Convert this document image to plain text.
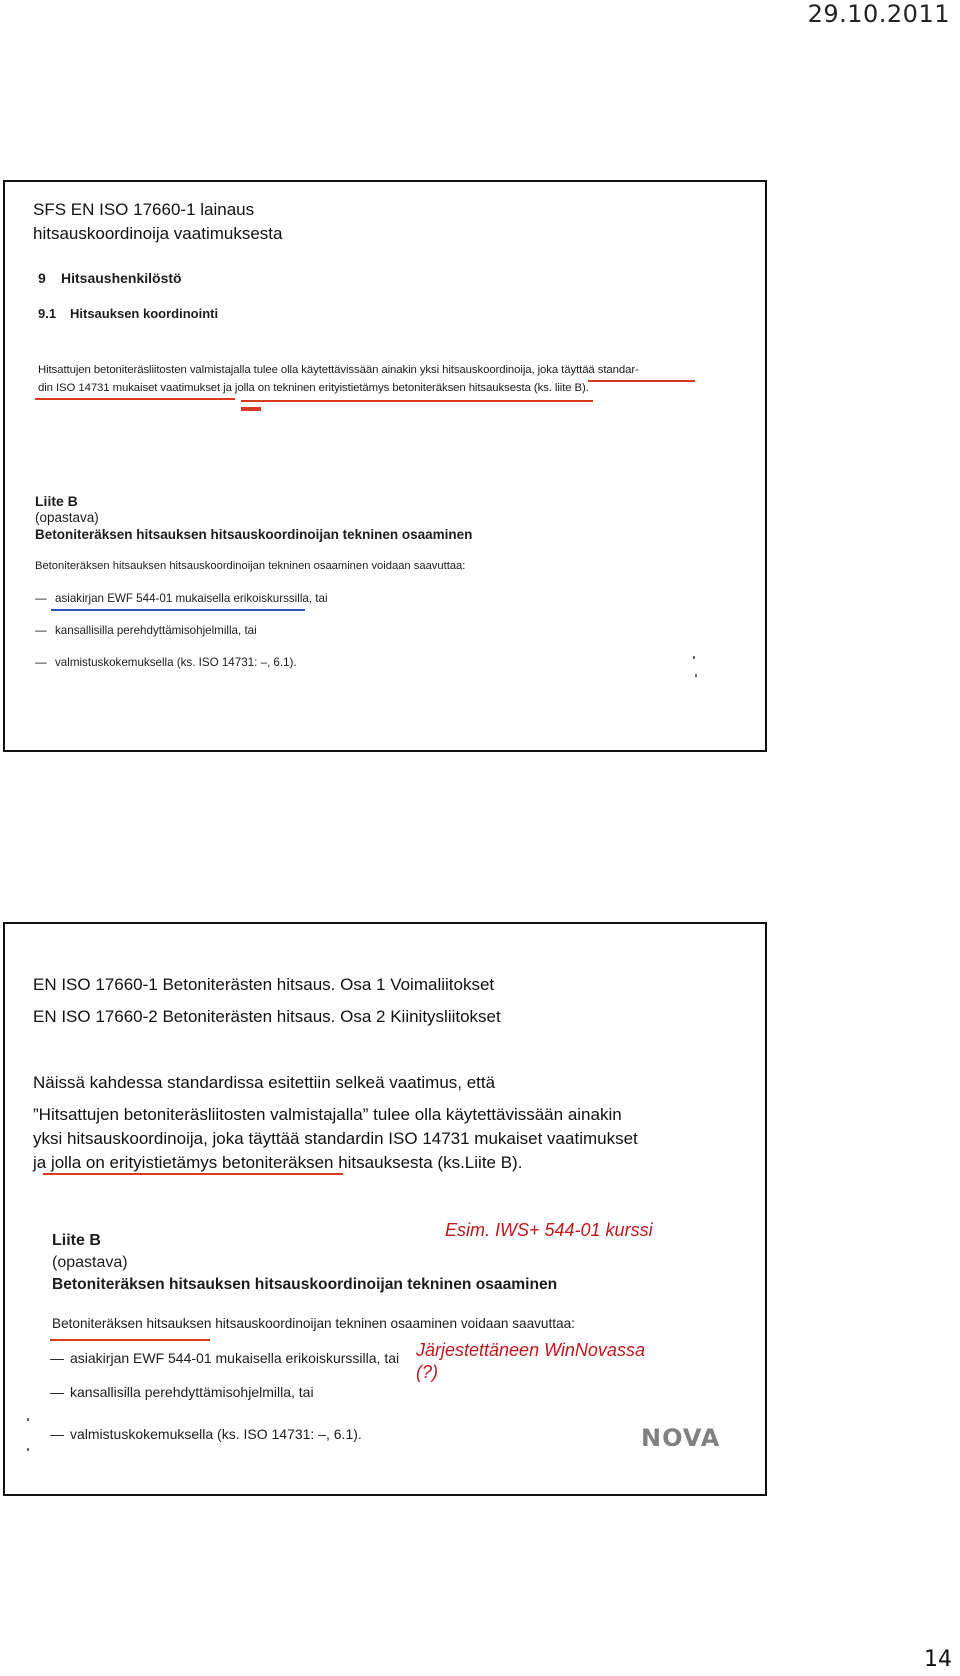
29.10.2011
14
SFS EN ISO 17660-1 lainaus
hitsauskoordinoija vaatimuksesta
9 Hitsaushenkilöstö
9.1 Hitsauksen koordinointi
Hitsattujen betoniteräsliitosten valmistajalla tulee olla käytettävissään ainakin yksi hitsauskoordinoija, joka täyttää standar-
din ISO 14731 mukaiset vaatimukset ja jolla on tekninen erityistietämys betoniteräksen hitsauksesta (ks. liite B).
Liite B
(opastava)
Betoniteräksen hitsauksen hitsauskoordinoijan tekninen osaaminen
Betoniteräksen hitsauksen hitsauskoordinoijan tekninen osaaminen voidaan saavuttaa:
— asiakirjan EWF 544-01 mukaisella erikoiskurssilla, tai
— kansallisilla perehdyttämisohjelmilla, tai
— valmistuskokemuksella (ks. ISO 14731: –, 6.1).
EN ISO 17660-1 Betoniterästen hitsaus. Osa 1 Voimaliitokset
EN ISO 17660-2 Betoniterästen hitsaus. Osa 2 Kiinitysliitokset
Näissä kahdessa standardissa esitettiin selkeä vaatimus, että
”Hitsattujen betoniteräsliitosten valmistajalla” tulee olla käytettävissään ainakin
yksi hitsauskoordinoija, joka täyttää standardin ISO 14731 mukaiset vaatimukset
ja jolla on erityistietämys betoniteräksen hitsauksesta (ks.Liite B).
Liite B
(opastava)
Betoniteräksen hitsauksen hitsauskoordinoijan tekninen osaaminen
Betoniteräksen hitsauksen hitsauskoordinoijan tekninen osaaminen voidaan saavuttaa:
— asiakirjan EWF 544-01 mukaisella erikoiskurssilla, tai
— kansallisilla perehdyttämisohjelmilla, tai
— valmistuskokemuksella (ks. ISO 14731: –, 6.1).
Esim. IWS+ 544-01 kurssi
Järjestettäneen WinNovassa
(?)
NOVA
